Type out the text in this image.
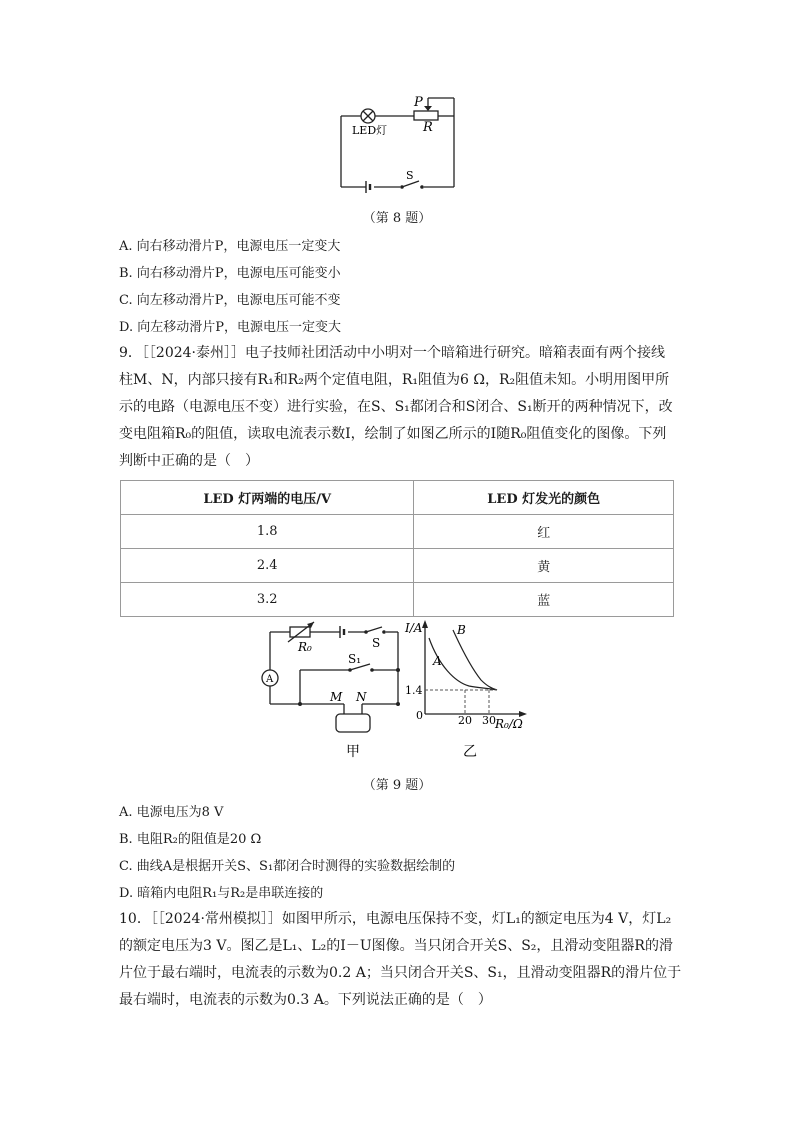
P
R
LED灯
S
（第 8 题）
A. 向右移动滑片P，电源电压一定变大
B. 向右移动滑片P，电源电压可能变小
C. 向左移动滑片P，电源电压可能不变
D. 向左移动滑片P，电源电压一定变大
9．［［2024·泰州］］电子技师社团活动中小明对一个暗箱进行研究。暗箱表面有两个接线
柱M、N，内部只接有R₁和R₂两个定值电阻，R₁阻值为6 Ω，R₂阻值未知。小明用图甲所
示的电路（电源电压不变）进行实验，在S、S₁都闭合和S闭合、S₁断开的两种情况下，改
变电阻箱R₀的阻值，读取电流表示数I，绘制了如图乙所示的I随R₀阻值变化的图像。下列
判断中正确的是（　）
LED 灯两端的电压/V	LED 灯发光的颜色
1.8	红
2.4	黄
3.2	蓝
R₀	S
S₁
A
M N
甲
I/A
R₀/Ω
A
B
1.4
0	20 30
乙
（第 9 题）
A. 电源电压为8 V
B. 电阻R₂的阻值是20 Ω
C. 曲线A是根据开关S、S₁都闭合时测得的实验数据绘制的
D. 暗箱内电阻R₁与R₂是串联连接的
10．［［2024·常州模拟］］如图甲所示，电源电压保持不变，灯L₁的额定电压为4 V，灯L₂
的额定电压为3 V。图乙是L₁、L₂的I－U图像。当只闭合开关S、S₂，且滑动变阻器R的滑
片位于最右端时，电流表的示数为0.2 A；当只闭合开关S、S₁，且滑动变阻器R的滑片位于
最右端时，电流表的示数为0.3 A。下列说法正确的是（　）
